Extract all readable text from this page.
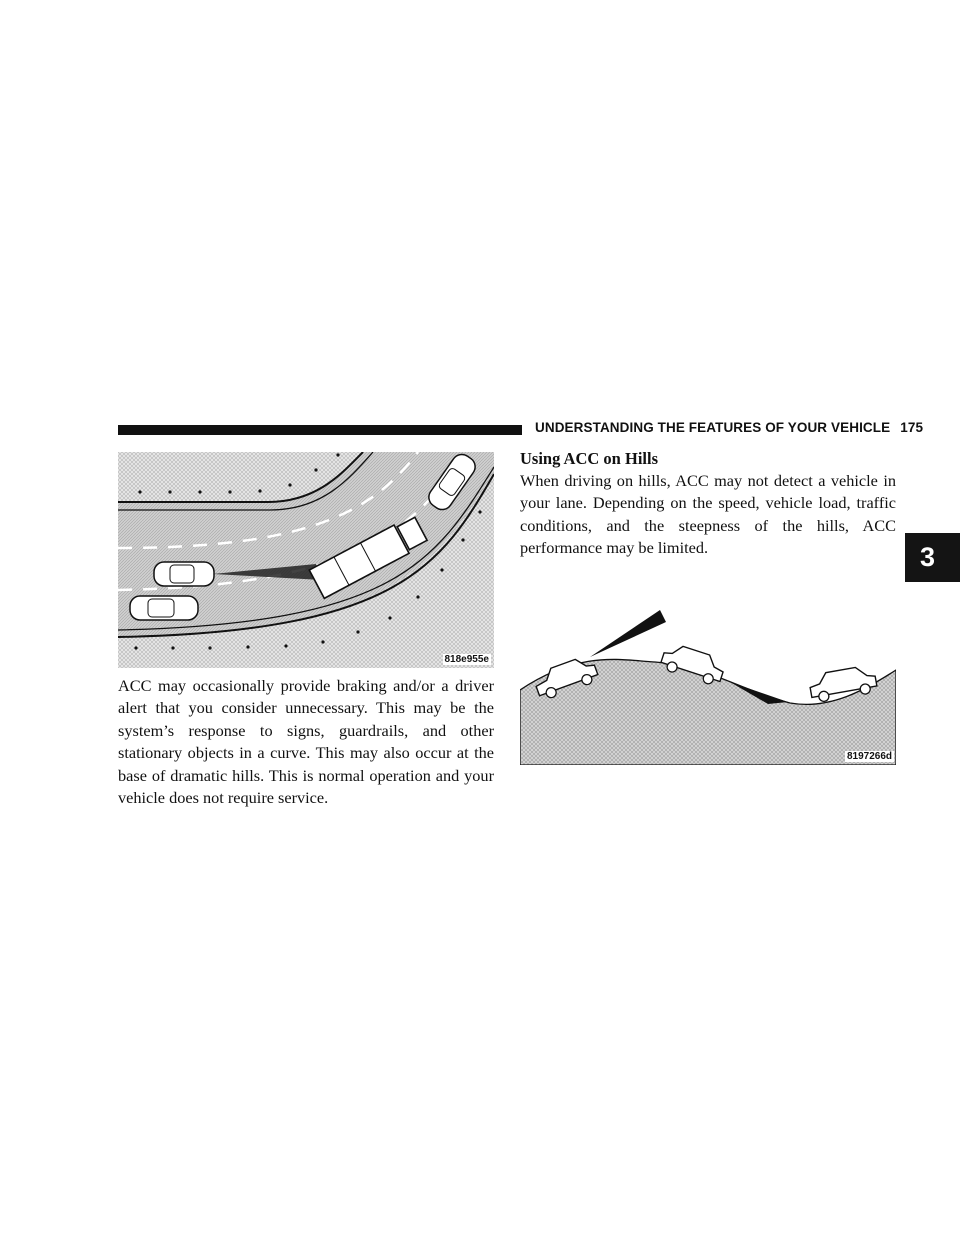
UNDERSTANDING THE FEATURES OF YOUR VEHICLE 175
3
818e955e
8197266d

ACC may occasionally provide braking and/or a driver alert that you consider unnecessary. This may be the system’s response to signs, guardrails, and other stationary objects in a curve. This may also occur at the base of dramatic hills. This is normal operation and your vehicle does not require service.

Using ACC on Hills

When driving on hills, ACC may not detect a vehicle in your lane. Depending on the speed, vehicle load, traffic conditions, and the steepness of the hills, ACC performance may be limited.
